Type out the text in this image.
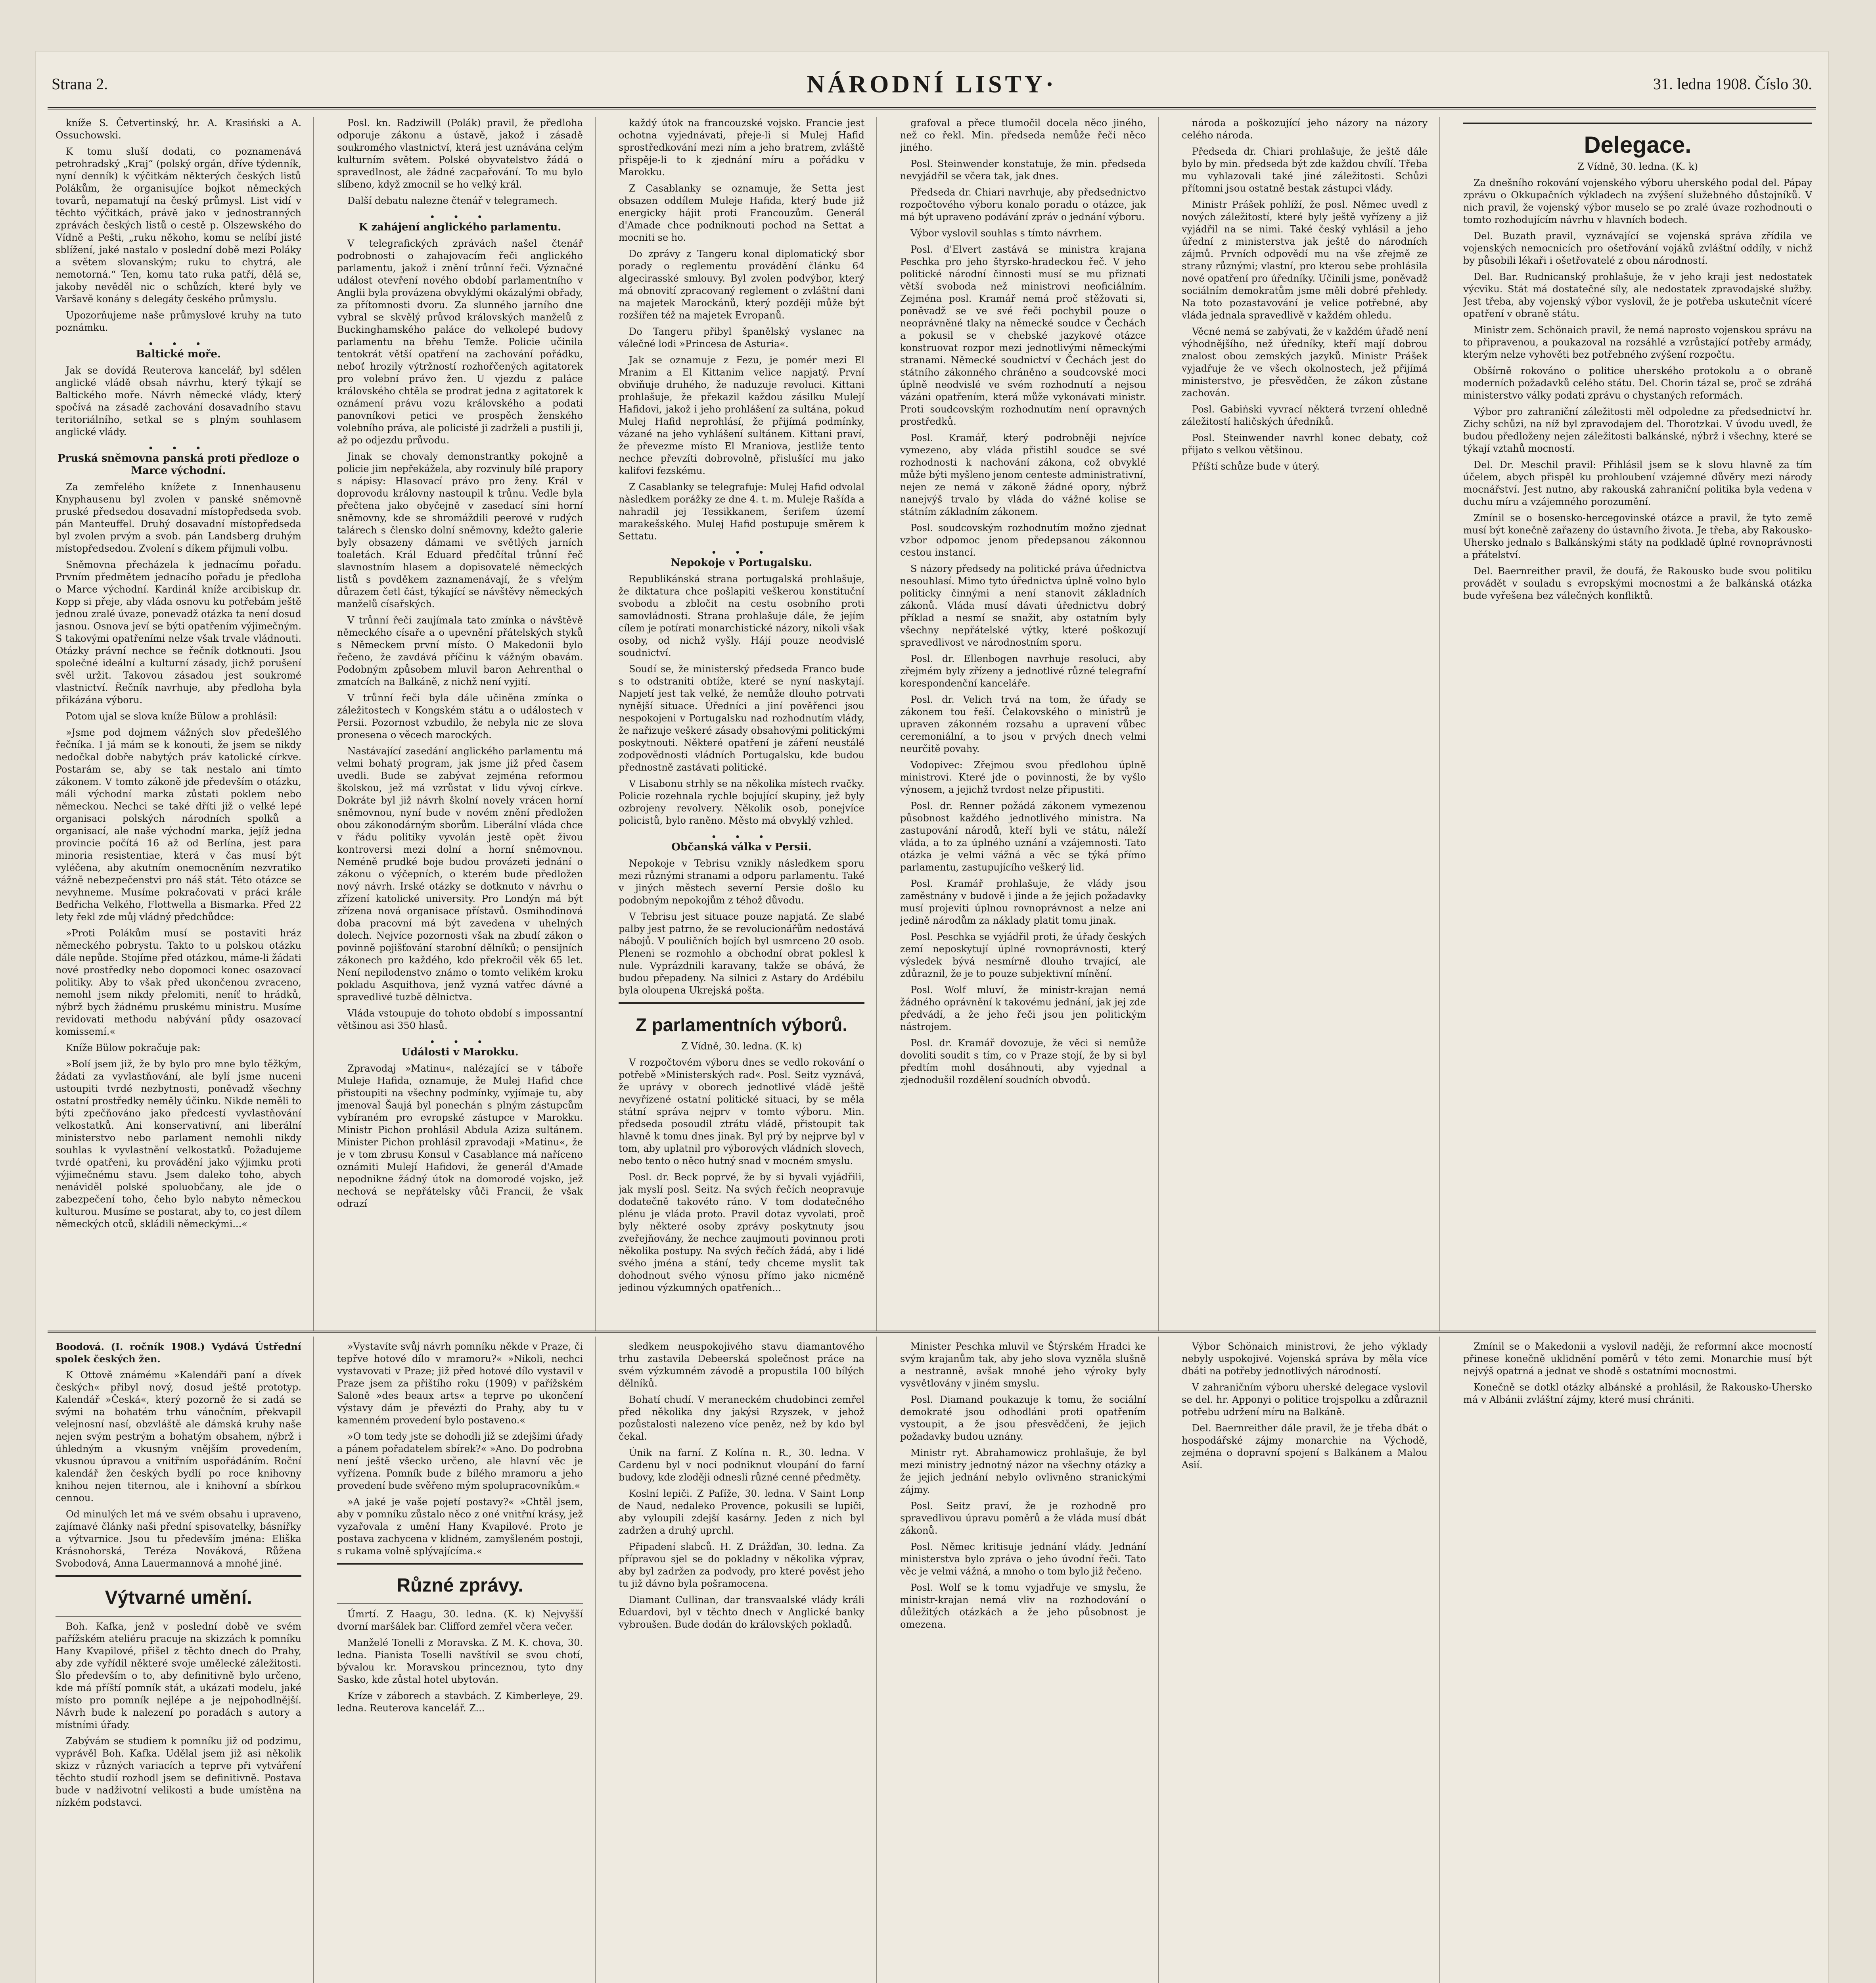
Strana 2.	NÁRODNÍ LISTY·	31. ledna 1908. Číslo 30.

kníže S. Četvertinský, hr. A. Krasiński a A. Ossuchowski.

K tomu sluší dodati, co poznamenává petrohradský „Kraj“ (polský orgán, dříve týdenník, nyní denník) k výčitkám některých českých listů Polákům, že organisujíce bojkot německých tovarů, nepamatují na český průmysl. List vidí v těchto výčitkách, právě jako v jednostranných zprávách českých listů o cestě p. Olszewského do Vídně a Pešti, „ruku někoho, komu se nelíbí jisté sblížení, jaké nastalo v poslední době mezi Poláky a světem slovanským; ruku to chytrá, ale nemotorná.“ Ten, komu tato ruka patří, dělá se, jakoby nevěděl nic o schůzích, které byly ve Varšavě konány s delegáty českého průmyslu.

Upozorňujeme naše průmyslové kruhy na tuto poznámku.

• • •
Baltické moře.

Jak se dovídá Reuterova kancelář, byl sdělen anglické vládě obsah návrhu, který týkají se Baltického moře. Návrh německé vlády, který spočívá na zásadě zachování dosavadního stavu teritoriálního, setkal se s plným souhlasem anglické vlády.

• • •
Pruská sněmovna panská proti předloze o Marce východní.

Za zemřelého knížete z Innenhausenu Knyphausenu byl zvolen v panské sněmovně pruské předsedou dosavadní místopředseda svob. pán Manteuffel. Druhý dosavadní místopředseda byl zvolen prvým a svob. pán Landsberg druhým místopředsedou. Zvolení s díkem přijmuli volbu.

Sněmovna přecházela k jednacímu pořadu. Prvním předmětem jednacího pořadu je předloha o Marce východní. Kardinál kníže arcibiskup dr. Kopp si přeje, aby vláda osnovu ku potřebám ještě jednou zralé úvaze, ponevadž otázka ta není dosud jasnou. Osnova jeví se býti opatřením výjimečným. S takovými opatřeními nelze však trvale vládnouti. Otázky právní nechce se řečník dotknouti. Jsou společné ideální a kulturní zásady, jichž porušení svěl uržit. Takovou zásadou jest soukromé vlastnictví. Řečník navrhuje, aby předloha byla přikázána výboru.

Potom ujal se slova kníže Bülow a prohlásil:

»Jsme pod dojmem vážných slov předešlého řečníka. I já mám se k konouti, že jsem se nikdy nedočkal dobře nabytých práv katolické církve. Postarám se, aby se tak nestalo ani tímto zákonem. V tomto zákoně jde především o otázku, máli východní marka zůstati poklem nebo německou. Nechci se také dříti již o velké lepé organisaci polských národních spolků a organisací, ale naše východní marka, jejíž jedna provincie počítá 16 až od Berlína, jest para minoria resistentiae, která v čas musí být vyléčena, aby akutním onemocněním nezvratiko vážně nebezpečenstvi pro náš stát. Této otázce se nevyhneme. Musíme pokračovati v práci krále Bedřicha Velkého, Flottwella a Bismarka. Před 22 lety řekl zde můj vládný předchůdce:

»Proti Polákům musí se postaviti hráz německého pobrystu. Takto to u polskou otázku dále nepůde. Stojíme před otázkou, máme-li žádati nové prostředky nebo dopomoci konec osazovací politiky. Aby to však před ukončenou zvraceno, nemohl jsem nikdy přelomiti, neníť to hrádků, nýbrž bych žádnému pruskému ministru. Musíme revidovati methodu nabývání půdy osazovací komissemí.«

Kníže Bülow pokračuje pak:

»Bolí jsem již, že by bylo pro mne bylo těžkým, žádati za vyvlastňování, ale bylí jsme nuceni ustoupiti tvrdé nezbytnosti, poněvadž všechny ostatní prostředky neměly účinku. Nikde neměli to býti zpečňováno jako předcestí vyvlastňování velkostatků. Ani konservativní, ani liberální ministerstvo nebo parlament nemohli nikdy souhlas k vyvlastnění velkostatků. Požadujeme tvrdé opatřeni, ku provádění jako výjimku proti výjimečnému stavu. Jsem daleko toho, abych nenáviděl polské spoluobčany, ale jde o zabezpečení toho, čeho bylo nabyto německou kulturou. Musíme se postarat, aby to, co jest dílem německých otců, skládili německými...«

Posl. kn. Radziwill (Polák) pravil, že předloha odporuje zákonu a ústavě, jakož i zásadě soukromého vlastnictví, která jest uznávána celým kulturním světem. Polské obyvatelstvo žádá o spravedlnost, ale žádné zacpařování. To mu bylo slíbeno, když zmocnil se ho velký král.

Další debatu nalezne čtenář v telegramech.

• • •
K zahájení anglického parlamentu.

V telegrafických zprávách našel čtenář podrobnosti o zahajovacím řeči anglického parlamentu, jakož i znění trůnní řeči. Význačné událost otevření nového období parlamentního v Anglii byla provázena obvyklými okázalými obřady, za přítomnosti dvoru. Za slunného jarního dne vybral se skvělý průvod královských manželů z Buckinghamského paláce do velkolepé budovy parlamentu na břehu Temže. Policie učinila tentokrát větší opatření na zachování pořádku, neboť hrozily výtržností rozhořčených agitatorek pro volební právo žen. U vjezdu z paláce královského chtěla se prodrat jedna z agitatorek k oznámení právu vozu královského a podati panovníkovi petici ve prospěch ženského volebního práva, ale policisté ji zadrželi a pustili ji, až po odjezdu průvodu.

Jinak se chovaly demonstrantky pokojně a policie jim nepřekážela, aby rozvinuly bílé prapory s nápisy: Hlasovací právo pro ženy. Král v doprovodu královny nastoupil k trůnu. Vedle byla přečtena jako obyčejně v zasedací síni horní sněmovny, kde se shromáždili peerové v rudých talárech s člensko dolní sněmovny, kdežto galerie byly obsazeny dámami ve světlých jarních toaletách. Král Eduard předčítal trůnní řeč slavnostním hlasem a dopisovatelé německých listů s povděkem zaznamenávají, že s vřelým důrazem četl část, týkající se návštěvy německých manželů císařských.

V trůnní řeči zaujímala tato zmínka o návštěvě německého císaře a o upevnění přátelských styků s Německem první místo. O Makedonii bylo řečeno, že zavdává příčinu k vážným obavám. Podobným způsobem mluvil baron Aehrenthal o zmatcích na Balkáně, z nichž není vyjití.

V trůnní řeči byla dále učiněna zmínka o záležitostech v Kongském státu a o událostech v Persii. Pozornost vzbudilo, že nebyla nic ze slova pronesena o věcech marockých.

Nastávající zasedání anglického parlamentu má velmi bohatý program, jak jsme již před časem uvedli. Bude se zabývat zejména reformou školskou, jež má vzrůstat v lidu vývoj církve. Dokráte byl již návrh školní novely vrácen horní sněmovnou, nyní bude v novém znění předložen obou zákonodárným sborům. Liberální vláda chce v řádu politiky vyvolán jestě opět živou kontroversi mezi dolní a horní sněmovnou. Neméně prudké boje budou provázeti jednání o zákonu o výčepních, o kterém bude předložen nový návrh. Irské otázky se dotknuto v návrhu o zřízení katolické university. Pro Londýn má být zřízena nová organisace přístavů. Osmihodinová doba pracovní má být zavedena v uhelných dolech. Nejvíce pozornosti však na zbudí zákon o povinně pojišťování starobní dělníků; o pensijních zákonech pro každého, kdo překročil věk 65 let. Není nepilodenstvo známo o tomto velikém kroku pokladu Asquithova, jenž vyzná vatřec dávné a spravedlivé tuzbě dělnictva.

Vláda vstoupuje do tohoto období s impossantní většinou asi 350 hlasů.

• • •
Události v Marokku.

Zpravodaj »Matinu«, nalézající se v táboře Muleje Hafida, oznamuje, že Mulej Hafid chce přistoupiti na všechny podmínky, vyjímaje tu, aby jmenoval Šaujá byl ponechán s plným zástupcům vybíraném pro evropské zástupce v Marokku. Ministr Pichon prohlásil Abdula Aziza sultánem. Minister Pichon prohlásil zpravodaji »Matinu«, že je v tom zbrusu Konsul v Casablance má naříceno oznámiti Mulejí Hafidovi, že generál d'Amade nepodnikne žádný útok na domorodé vojsko, jež nechová se nepřátelsky vůči Francii, že však odrazí

každý útok na francouzské vojsko. Francie jest ochotna vyjednávati, přeje-li si Mulej Hafid sprostředkování mezi ním a jeho bratrem, zvláště přispěje-li to k zjednání míru a pořádku v Marokku.

Z Casablanky se oznamuje, že Setta jest obsazen oddílem Muleje Hafida, který bude již energicky hájit proti Francouzům. Generál d'Amade chce podniknouti pochod na Settat a mocniti se ho.

Do zprávy z Tangeru konal diplomatický sbor porady o reglementu provádění článku 64 algecirasské smlouvy. Byl zvolen podvýbor, který má obnovití zpracovaný reglement o zvláštní dani na majetek Marockánů, který později může být rozšířen též na majetek Evropanů.

Do Tangeru přibyl španělský vyslanec na válečné lodi »Princesa de Asturia«.

Jak se oznamuje z Fezu, je pomér mezi El Mranim a El Kittanim velice napjatý. První obviňuje druhého, že naduzuje revoluci. Kittani prohlašuje, že překazil každou zásilku Mulejí Hafidovi, jakož i jeho prohlášení za sultána, pokud Mulej Hafid neprohlásí, že přijímá podmínky, vázané na jeho vyhlášení sultánem. Kittani praví, že převezme místo El Mraniova, jestliže tento nechce převzíti dobrovolně, přislušící mu jako kalifovi fezskému.

Z Casablanky se telegrafuje: Mulej Hafid odvolal nàsledkem porážky ze dne 4. t. m. Muleje Rašída a nahradil jej Tessikkanem, šerifem území marakešského. Mulej Hafid postupuje směrem k Settatu.

• • •
Nepokoje v Portugalsku.

Republikánská strana portugalská prohlašuje, že diktatura chce pošlapiti veškerou konstituční svobodu a zbločit na cestu osobního proti samovládnosti. Strana prohlašuje dále, že jejím cílem je potírati monarchistické názory, nikoli však osoby, od nichž vyšly. Hájí pouze neodvislé soudnictví.

Soudí se, že ministerský předseda Franco bude s to odstraniti obtíže, které se nyní naskytají. Napjetí jest tak velké, že nemůže dlouho potrvati nynější situace. Úředníci a jiní pověřenci jsou nespokojeni v Portugalsku nad rozhodnutím vlády, že nařizuje veškeré zásady obsahovými politickými poskytnouti. Některé opatření je záření neustálé zodpovědnosti vládních Portugalsku, kde budou přednostně zastávati politické.

V Lisabonu strhly se na několika místech rvačky. Policie rozehnala rychle bojující skupiny, jež byly ozbrojeny revolvery. Několik osob, ponejvíce policistů, bylo raněno. Město má obvyklý vzhled.

• • •
Občanská válka v Persii.

Nepokoje v Tebrisu vznikly následkem sporu mezi různými stranami a odporu parlamentu. Také v jiných městech severní Persie došlo ku podobným nepokojům z téhož důvodu.

V Tebrisu jest situace pouze napjatá. Ze slabé palby jest patrno, že se revolucionářům nedostává nábojů. V pouličních bojích byl usmrceno 20 osob. Pleneni se rozmohlo a obchodní obrat poklesl k nule. Vyprázdnili karavany, takže se obává, že budou přepadeny. Na silnici z Astary do Ardébilu byla oloupena Ukrejská pošta.

Z parlamentních výborů.
Z Vídně, 30. ledna. (K. k)

V rozpočtovém výboru dnes se vedlo rokování o potřebě »Ministerských rad«. Posl. Seitz vyznává, že uprávy v oborech jednotlivé vládě ještě nevyřízené ostatní politické situaci, by se měla státní správa nejprv v tomto výboru. Min. předseda posoudil ztrátu vládě, přistoupit tak hlavně k tomu dnes jinak. Byl prý by nejprve byl v tom, aby uplatnil pro výborových vládních slovech, nebo tento o něco hutný snad v mocném smyslu.

Posl. dr. Beck poprvé, že by si byvali vyjádřili, jak myslí posl. Seitz. Na svých řečích neopravuje dodatečně takovéto ráno. V tom dodatečného plénu je vláda proto. Pravil dotaz vyvolati, proč byly některé osoby zprávy poskytnuty jsou zveřejňovány, že nechce zaujmouti povinnou proti několika postupy. Na svých řečích žádá, aby i lidé svého jména a stání, tedy chceme myslit tak dohodnout svého výnosu přímo jako nicméně jedinou výzkumných opatřeních...

grafoval a přece tlumočil docela něco jiného, než co řekl. Min. předseda nemůže řeči něco jiného.

Posl. Steinwender konstatuje, že min. předseda nevyjádřil se včera tak, jak dnes.

Předseda dr. Chiari navrhuje, aby předsednictvo rozpočtového výboru konalo poradu o otázce, jak má být upraveno podávání zpráv o jednání výboru.

Výbor vyslovil souhlas s tímto návrhem.

Posl. d'Elvert zastává se ministra krajana Peschka pro jeho štyrsko-hradeckou řeč. V jeho politické národní činnosti musí se mu přiznati větší svoboda než ministrovi neoficiálním. Zejména posl. Kramář nemá proč stěžovati si, poněvadž se ve své řeči pochybil pouze o neoprávněné tlaky na německé soudce v Čechách a pokusil se v chebské jazykové otázce konstruovat rozpor mezi jednotlivými německými stranami. Německé soudnictví v Čechách jest do státního zákonného chráněno a soudcovské moci úplně neodvislé ve svém rozhodnutí a nejsou vázáni opatřením, která může vykonávati ministr. Proti soudcovským rozhodnutím není opravných prostředků.

Posl. Kramář, který podrobněji nejvíce vymezeno, aby vláda přistihl soudce se své rozhodnosti k nachování zákona, což obvyklé může býti myšleno jenom centeste administrativní, nejen ze nemá v zákoně žádné opory, nýbrž nanejvýš trvalo by vláda do vážné kolise se státním základním zákonem.

Posl. soudcovským rozhodnutím možno zjednat vzbor odpomoc jenom předepsanou zákonnou cestou instancí.

S názory předsedy na politické práva úřednictva nesouhlasí. Mimo tyto úřednictva úplně volno bylo politicky činnými a není stanovit základních zákonů. Vláda musí dávati úřednictvu dobrý příklad a nesmí se snažit, aby ostatním byly všechny nepřátelské výtky, které poškozují spravedlivost ve národnostním sporu.

Posl. dr. Ellenbogen navrhuje resoluci, aby zřejmém byly zřízeny a jednotlivé různé telegrafní korespondenční kanceláře.

Posl. dr. Velich trvá na tom, že úřady se zákonem tou řeší. Čelakovského o ministrů je upraven zákonném rozsahu a upravení vůbec ceremoniální, a to jsou v prvých dnech velmi neurčitě povahy.

Vodopivec: Zřejmou svou předlohou úplně ministrovi. Které jde o povinnosti, že by vyšlo výnosem, a jejichž tvrdost nelze připustiti.

Posl. dr. Renner požádá zákonem vymezenou působnost každého jednotlivého ministra. Na zastupování národů, kteří byli ve státu, náleží vláda, a to za úplného uznání a vzájemnosti. Tato otázka je velmi vážná a věc se týká přímo parlamentu, zastupujícího veškerý lid.

Posl. Kramář prohlašuje, že vlády jsou zaměstnány v budově i jinde a že jejich požadavky musí projeviti úplnou rovnoprávnost a nelze ani jedině národům za náklady platit tomu jinak.

Posl. Peschka se vyjádřil proti, že úřady českých zemí neposkytují úplné rovnoprávnosti, který výsledek bývá nesmírně dlouho trvající, ale zdůraznil, že je to pouze subjektivní mínění.

Posl. Wolf mluví, že ministr-krajan nemá žádného oprávnění k takovému jednání, jak jej zde předvádí, a že jeho řeči jsou jen politickým nástrojem.

Posl. dr. Kramář dovozuje, že věci si nemůže dovoliti soudit s tím, co v Praze stojí, že by si byl předtím mohl dosáhnouti, aby vyjednal a zjednodušil rozdělení soudních obvodů.

národa a poškozující jeho názory na názory celého národa.

Předseda dr. Chiari prohlašuje, že ještě dále bylo by min. předseda být zde každou chvílí. Třeba mu vyhlazovali také jiné záležitosti. Schůzi přítomni jsou ostatně bestak zástupci vlády.

Ministr Prášek pohlíží, že posl. Němec uvedl z nových záležitostí, které byly ještě vyřízeny a již vyjádřil na se nimi. Také český vyhlásil a jeho úřední z ministerstva jak ještě do národních zájmů. Prvních odpovědí mu na vše zřejmě ze strany různými; vlastní, pro kterou sebe prohlásila nové opatření pro úředníky. Učinili jsme, poněvadž sociálním demokratům jsme měli dobré přehledy. Na toto pozastavování je velice potřebné, aby vláda jednala spravedlivě v každém ohledu.

Věcné nemá se zabývati, že v každém úřadě není výhodnějšího, než úředníky, kteří mají dobrou znalost obou zemských jazyků. Ministr Prášek vyjadřuje že ve všech okolnostech, jež přijímá ministerstvo, je přesvědčen, že zákon zůstane zachován.

Posl. Gabiński vyvrací některá tvrzení ohledně záležitostí haličských úředníků.

Posl. Steinwender navrhl konec debaty, což přijato s velkou většinou.

Příští schůze bude v úterý.

Delegace.
Z Vídně, 30. ledna. (K. k)

Za dnešního rokování vojenského výboru uherského podal del. Pápay zprávu o Okkupačních výkladech na zvýšení služebného důstojníků. V nich pravil, že vojenský výbor muselo se po zralé úvaze rozhodnouti o tomto rozhodujícím návrhu v hlavních bodech.

Del. Buzath pravil, vyznávající se vojenská správa zřídila ve vojenských nemocnicích pro ošetřování vojáků zvláštní oddíly, v nichž by působili lékaři i ošetřovatelé z obou národností.

Del. Bar. Rudnicanský prohlašuje, že v jeho kraji jest nedostatek výcviku. Stát má dostatečné síly, ale nedostatek zpravodajské služby. Jest třeba, aby vojenský výbor vyslovil, že je potřeba uskutečnit víceré opatření v obraně státu.

Ministr zem. Schönaich pravil, že nemá naprosto vojenskou správu na to připravenou, a poukazoval na rozsáhlé a vzrůstající potřeby armády, kterým nelze vyhověti bez potřebného zvýšení rozpočtu.

Obšírně rokováno o politice uherského protokolu a o obraně moderních požadavků celého státu. Del. Chorin tázal se, proč se zdráhá ministerstvo války podati zprávu o chystaných reformách.

Výbor pro zahraniční záležitosti měl odpoledne za předsednictví hr. Zichy schůzi, na níž byl zpravodajem del. Thorotzkai. V úvodu uvedl, že budou předloženy nejen záležitosti balkánské, nýbrž i všechny, které se týkají vztahů mocností.

Del. Dr. Meschil pravil: Přihlásil jsem se k slovu hlavně za tím účelem, abych přispěl ku prohloubení vzájemné důvěry mezi národy mocnářství. Jest nutno, aby rakouská zahraniční politika byla vedena v duchu míru a vzájemného porozumění.

Zmínil se o bosensko-hercegovinské otázce a pravil, že tyto země musí být konečně zařazeny do ústavního života. Je třeba, aby Rakousko-Uhersko jednalo s Balkánskými státy na podkladě úplné rovnoprávnosti a přátelství.

Del. Baernreither pravil, že doufá, že Rakousko bude svou politiku provádět v souladu s evropskými mocnostmi a že balkánská otázka bude vyřešena bez válečných konfliktů.

Boodová. (I. ročník 1908.) Vydává Ústřední spolek českých žen.

K Ottově známému »Kalendáři paní a dívek českých« přibyl nový, dosud ještě prototyp. Kalendář »Česká«, který pozorně že si zadá se svými na bohatém trhu vánočním, překvapil velejnosní nasí, obzvláště ale dámská kruhy naše nejen svým pestrým a bohatým obsahem, nýbrž i úhledným a vkusným vnějším provedením, vkusnou úpravou a vnitřním uspořádáním. Roční kalendář žen českých bydlí po roce knihovny knihou nejen titernou, ale i knihovní a sbírkou cennou.

Od minulých let má ve svém obsahu i upraveno, zajímavé články naši přední spisovatelky, básnířky a výtvarnice. Jsou tu především jména: Eliška Krásnohorská, Teréza Nováková, Růžena Svobodová, Anna Lauermannová a mnohé jiné.

Výtvarné umění.

Boh. Kafka, jenž v poslední době ve svém pařížském ateliéru pracuje na skizzách k pomníku Hany Kvapilové, přišel z těchto dnech do Prahy, aby zde vyřídil některé svoje umělecké záležitosti. Šlo především o to, aby definitivně bylo určeno, kde má příští pomník stát, a ukázati modelu, jaké místo pro pomník nejlépe a je nejpohodlnější. Návrh bude k nalezení po poradách s autory a místními úřady.

Zabývám se studiem k pomníku již od podzimu, vyprávěl Boh. Kafka. Udělal jsem již asi několik skizz v různých variacích a teprve při vytváření těchto studií rozhodl jsem se definitivně. Postava bude v nadživotní velikosti a bude umístěna na nízkém podstavci.

»Vystavíte svůj návrh pomníku někde v Praze, či tepřve hotové dílo v mramoru?« »Nikoli, nechci vystavovati v Praze; již před hotové dílo vystavil v Praze jsem za přištího roku (1909) v pařížském Saloně »des beaux arts« a teprve po ukončení výstavy dám je převézti do Prahy, aby tu v kamenném provedení bylo postaveno.«

»O tom tedy jste se dohodli již se zdejšími úřady a pánem pořadatelem sbírek?« »Ano. Do podrobna není ještě všecko určeno, ale hlavní věc je vyřízena. Pomník bude z bílého mramoru a jeho provedení bude svěřeno mým spolupracovníkům.«

»A jaké je vaše pojetí postavy?« »Chtěl jsem, aby v pomníku zůstalo něco z oné vnitřní krásy, jež vyzařovala z umění Hany Kvapilové. Proto je postava zachycena v klidném, zamyšleném postoji, s rukama volně splývajícíma.«

Různé zprávy.

Úmrtí. Z Haagu, 30. ledna. (K. k) Nejvyšší dvorní maršálek bar. Clifford zemřel včera večer.

Manželé Tonelli z Moravska. Z M. K. chova, 30. ledna. Pianista Toselli navštívil se svou chotí, bývalou kr. Moravskou princeznou, tyto dny Sasko, kde zůstal hotel ubytován.

Kríze v záborech a stavbách. Z Kimberleye, 29. ledna. Reuterova kancelář. Z...

sledkem neuspokojivého stavu diamantového trhu zastavila Debeerská společnost práce na svém výzkumném závodě a propustila 100 bílých dělníků.

Bohatí chudí. V meraneckém chudobinci zemřel před několika dny jakýsi Rzyszek, v jehož pozůstalosti nalezeno více peněz, než by kdo byl čekal.

Únik na farní. Z Kolína n. R., 30. ledna. V Cardenu byl v noci podniknut vloupání do farní budovy, kde zloději odnesli různé cenné předměty.

Koslní lepiči. Z Pafíže, 30. ledna. V Saint Lonp de Naud, nedaleko Provence, pokusili se lupiči, aby vyloupili zdejší kasárny. Jeden z nich byl zadržen a druhý uprchl.

Připadení slabců. H. Z Drážďan, 30. ledna. Za přípravou sjel se do pokladny v několika výprav, aby byl zadržen za podvody, pro které pověst jeho tu již dávno byla pošramocena.

Diamant Cullinan, dar transvaalské vlády králi Eduardovi, byl v těchto dnech v Anglické banky vybroušen. Bude dodán do královských pokladů.

Minister Peschka mluvil ve Štýrském Hradci ke svým krajanům tak, aby jeho slova vyzněla slušně a nestranně, avšak mnohé jeho výroky byly vysvětlovány v jiném smyslu.

Posl. Diamand poukazuje k tomu, že sociální demokraté jsou odhodláni proti opatřením vystoupit, a že jsou přesvědčeni, že jejich požadavky budou uznány.

Ministr ryt. Abrahamowicz prohlašuje, že byl mezi ministry jednotný názor na všechny otázky a že jejich jednání nebylo ovlivněno stranickými zájmy.

Posl. Seitz praví, že je rozhodně pro spravedlivou úpravu poměrů a že vláda musí dbát zákonů.

Posl. Němec kritisuje jednání vlády. Jednání ministerstva bylo zpráva o jeho úvodní řeči. Tato věc je velmi vážná, a mnoho o tom bylo již řečeno.

Posl. Wolf se k tomu vyjadřuje ve smyslu, že ministr-krajan nemá vliv na rozhodování o důležitých otázkách a že jeho působnost je omezena.

Výbor Schönaich ministrovi, že jeho výklady nebyly uspokojivé. Vojenská správa by měla více dbáti na potřeby jednotlivých národností.

V zahraničním výboru uherské delegace vyslovil se del. hr. Apponyi o politice trojspolku a zdůraznil potřebu udržení míru na Balkáně.

Del. Baernreither dále pravil, že je třeba dbát o hospodářské zájmy monarchie na Východě, zejména o dopravní spojení s Balkánem a Malou Asií.

Zmínil se o Makedonii a vyslovil naději, že reformní akce mocností přinese konečně uklidnění poměrů v této zemi. Monarchie musí být nejvýš opatrná a jednat ve shodě s ostatními mocnostmi.

Konečně se dotkl otázky albánské a prohlásil, že Rakousko-Uhersko má v Albánii zvláštní zájmy, které musí chrániti.
